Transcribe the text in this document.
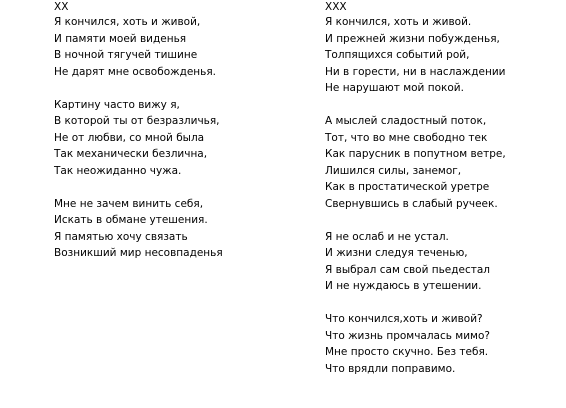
XX
Я кончился, хоть и живой,
И памяти моей виденья
В ночной тягучей тишине
Не дарят мне освобожденья.
Картину часто вижу я,
В которой ты от безразличья,
Не от любви, со мной была
Так механически безлична,
Так неожиданно чужа.
Мне не зачем винить себя,
Искать в обмане утешения.
Я памятью хочу связать
Возникший мир несовпаденья
XXX
Я кончился, хоть и живой.
И прежней жизни побужденья,
Толпящихся событий рой,
Ни в горести, ни в наслаждении
Не нарушают мой покой.
А мыслей сладостный поток,
Тот, что во мне свободно тек
Как парусник в попутном ветре,
Лишился силы, занемог,
Как в простатической уретре
Свернувшись в слабый ручеек.
Я не ослаб и не устал.
И жизни следуя теченью,
Я выбрал сам свой пьедестал
И не нуждаюсь в утешении.
Что кончился,хоть и живой?
Что жизнь промчалась мимо?
Мне просто скучно. Без тебя.
Что врядли поправимо.
